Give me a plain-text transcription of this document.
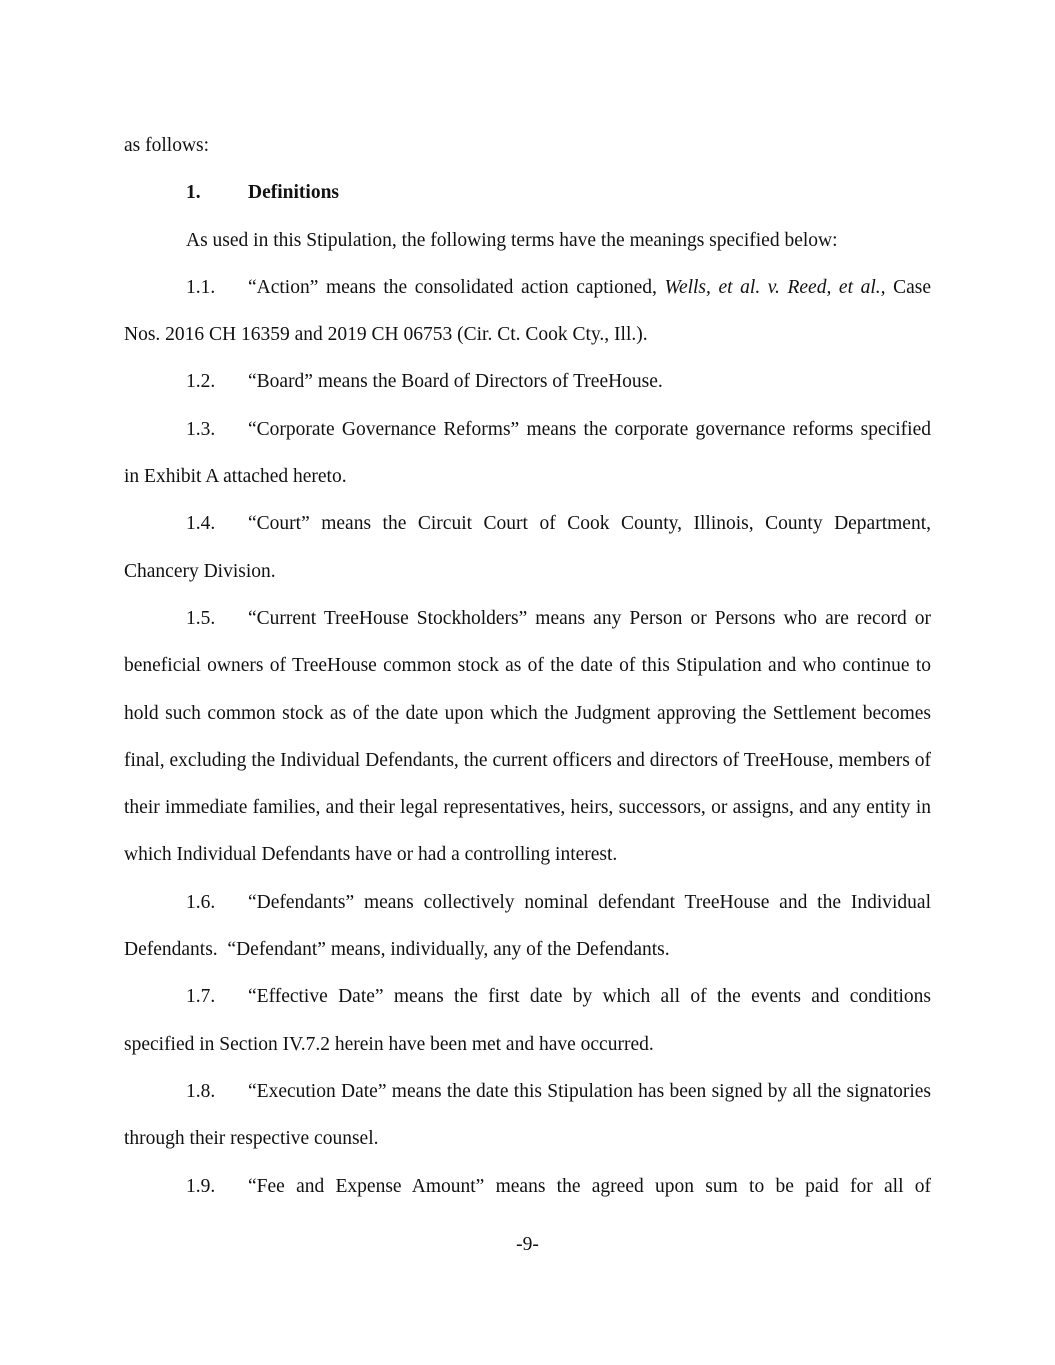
as follows:

1. Definitions

As used in this Stipulation, the following terms have the meanings specified below:

1.1. “Action” means the consolidated action captioned, Wells, et al. v. Reed, et al., Case Nos. 2016 CH 16359 and 2019 CH 06753 (Cir. Ct. Cook Cty., Ill.).

1.2. “Board” means the Board of Directors of TreeHouse.

1.3. “Corporate Governance Reforms” means the corporate governance reforms specified in Exhibit A attached hereto.

1.4. “Court” means the Circuit Court of Cook County, Illinois, County Department, Chancery Division.

1.5. “Current TreeHouse Stockholders” means any Person or Persons who are record or beneficial owners of TreeHouse common stock as of the date of this Stipulation and who continue to hold such common stock as of the date upon which the Judgment approving the Settlement becomes final, excluding the Individual Defendants, the current officers and directors of TreeHouse, members of their immediate families, and their legal representatives, heirs, successors, or assigns, and any entity in which Individual Defendants have or had a controlling interest.

1.6. “Defendants” means collectively nominal defendant TreeHouse and the Individual Defendants.  “Defendant” means, individually, any of the Defendants.

1.7. “Effective Date” means the first date by which all of the events and conditions specified in Section IV.7.2 herein have been met and have occurred.

1.8. “Execution Date” means the date this Stipulation has been signed by all the signatories through their respective counsel.

1.9. “Fee and Expense Amount” means the agreed upon sum to be paid for all of

-9-
